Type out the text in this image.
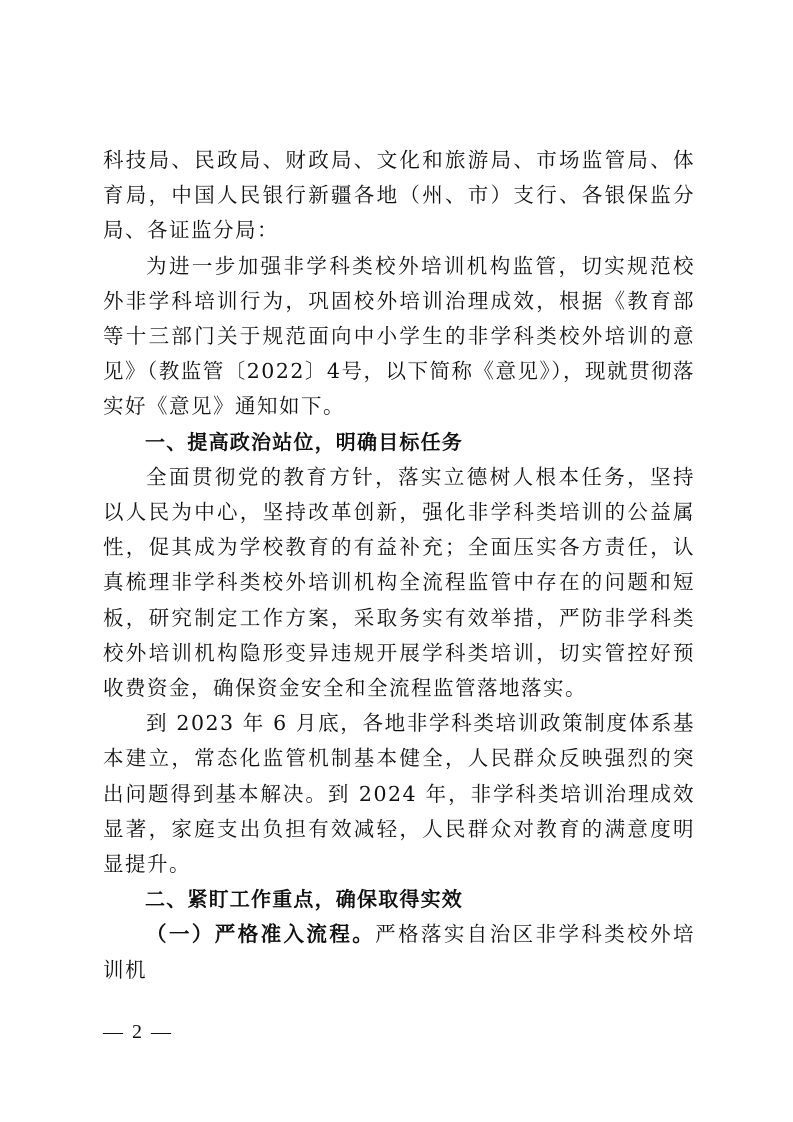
科技局、民政局、财政局、文化和旅游局、市场监管局、体育局，中国人民银行新疆各地（州、市）支行、各银保监分局、各证监分局：

为进一步加强非学科类校外培训机构监管，切实规范校外非学科培训行为，巩固校外培训治理成效，根据《教育部等十三部门关于规范面向中小学生的非学科类校外培训的意见》（教监管〔2022〕4号，以下简称《意见》），现就贯彻落实好《意见》通知如下。

一、提高政治站位，明确目标任务

全面贯彻党的教育方针，落实立德树人根本任务，坚持以人民为中心，坚持改革创新，强化非学科类培训的公益属性，促其成为学校教育的有益补充；全面压实各方责任，认真梳理非学科类校外培训机构全流程监管中存在的问题和短板，研究制定工作方案，采取务实有效举措，严防非学科类校外培训机构隐形变异违规开展学科类培训，切实管控好预收费资金，确保资金安全和全流程监管落地落实。

到 2023 年 6 月底，各地非学科类培训政策制度体系基本建立，常态化监管机制基本健全，人民群众反映强烈的突出问题得到基本解决。到 2024 年，非学科类培训治理成效显著，家庭支出负担有效减轻，人民群众对教育的满意度明显提升。

二、紧盯工作重点，确保取得实效

（一）严格准入流程。严格落实自治区非学科类校外培训机

— 2 —
